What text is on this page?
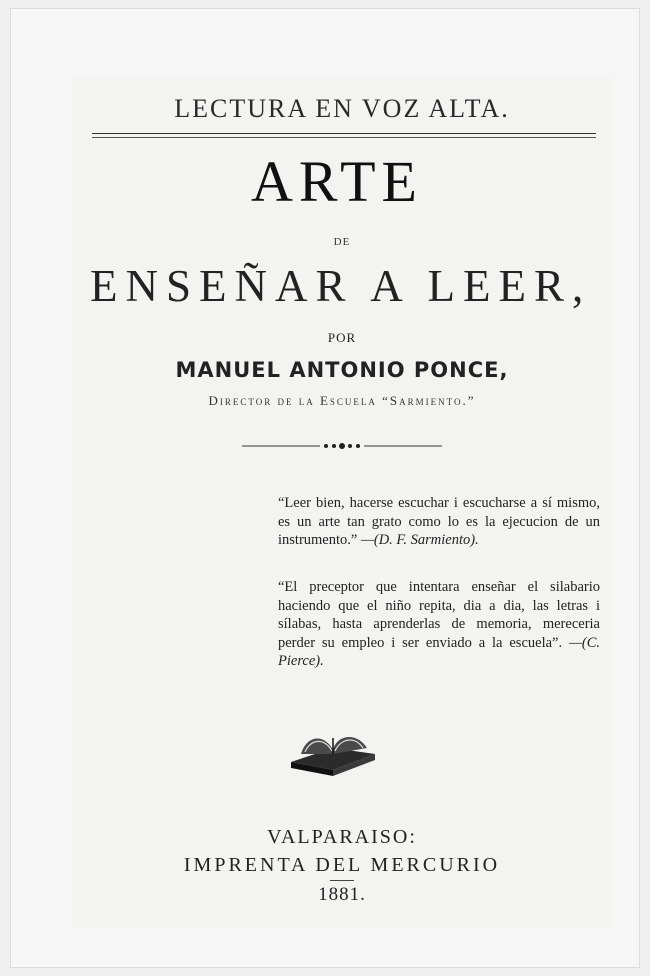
LECTURA EN VOZ ALTA.
ARTE
DE
ENSEÑAR A LEER,
POR
MANUEL ANTONIO PONCE,
Director de la Escuela “Sarmiento.”
“Leer bien, hacerse escuchar i escucharse a sí mismo, es un arte tan grato como lo es la ejecucion de un instrumento.” —(D. F. Sarmiento).
“El preceptor que intentara enseñar el silabario haciendo que el niño repita, dia a dia, las letras i sílabas, hasta aprenderlas de memoria, mereceria perder su empleo i ser enviado a la escuela”. —(C. Pierce).
VALPARAISO:
IMPRENTA DEL MERCURIO
1881.
